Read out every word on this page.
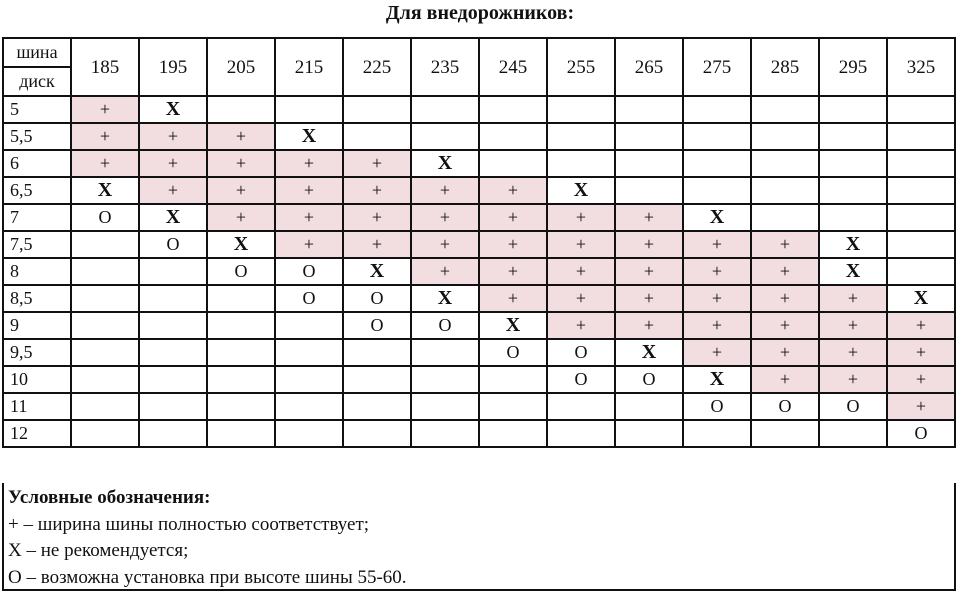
Для внедорожников:
шина
диск	185	195	205	215	225	235	245	255	265	275	285	295	325
5	+	X											
5,5	+	+	+	X									
6	+	+	+	+	+	X							
6,5	X	+	+	+	+	+	+	X					
7	O	X	+	+	+	+	+	+	+	X			
7,5		O	X	+	+	+	+	+	+	+	+	X	
8			O	O	X	+	+	+	+	+	+	X	
8,5				O	O	X	+	+	+	+	+	+	X
9					O	O	X	+	+	+	+	+	+
9,5							O	O	X	+	+	+	+
10								O	O	X	+	+	+
11										O	O	O	+
12													O
Условные обозначения:
+ – ширина шины полностью соответствует;
Х – не рекомендуется;
О – возможна установка при высоте шины 55-60.
